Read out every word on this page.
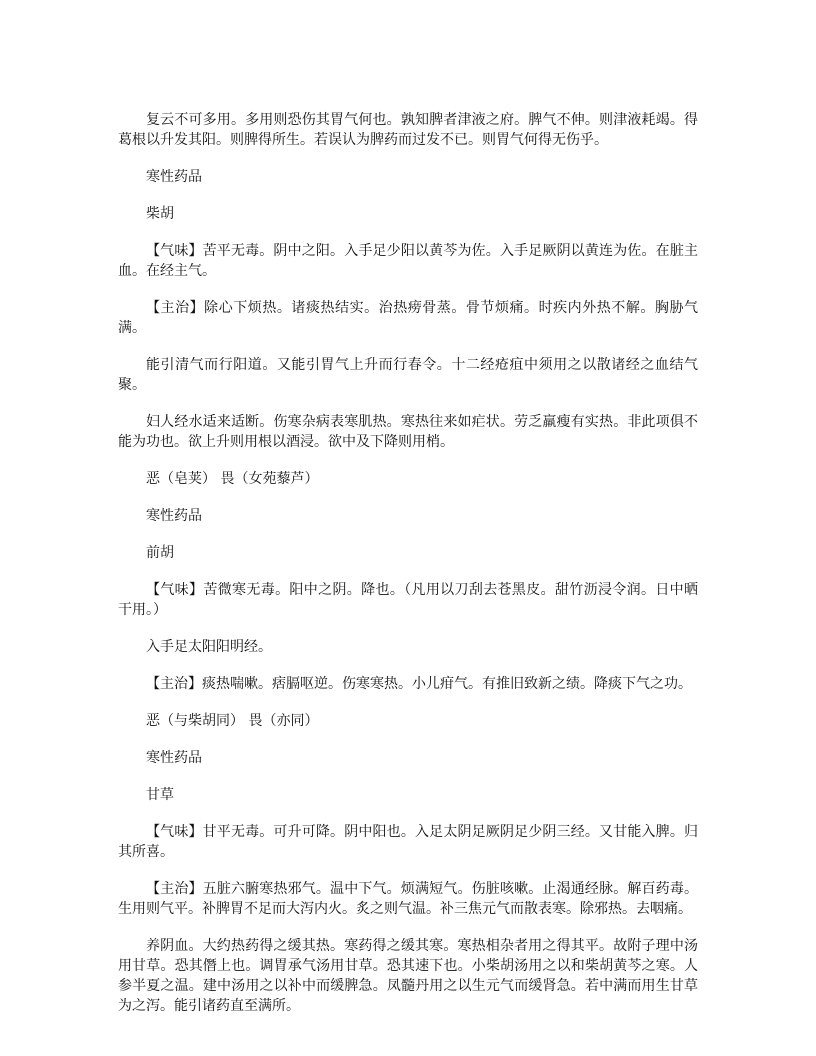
复云不可多用。多用则恐伤其胃气何也。孰知脾者津液之府。脾气不伸。则津液耗竭。得葛根以升发其阳。则脾得所生。若误认为脾药而过发不已。则胃气何得无伤乎。

寒性药品

柴胡

【气味】苦平无毒。阴中之阳。入手足少阳以黄芩为佐。入手足厥阴以黄连为佐。在脏主血。在经主气。

【主治】除心下烦热。诸痰热结实。治热痨骨蒸。骨节烦痛。时疾内外热不解。胸胁气满。

能引清气而行阳道。又能引胃气上升而行春令。十二经疮疽中须用之以散诸经之血结气聚。

妇人经水适来适断。伤寒杂病表寒肌热。寒热往来如疟状。劳乏羸瘦有实热。非此项俱不能为功也。欲上升则用根以酒浸。欲中及下降则用梢。

恶（皂荚） 畏（女苑藜芦）

寒性药品

前胡

【气味】苦微寒无毒。阳中之阴。降也。（凡用以刀刮去苍黑皮。甜竹沥浸令润。日中晒干用。）

入手足太阳阳明经。

【主治】痰热喘嗽。痞膈呕逆。伤寒寒热。小儿疳气。有推旧致新之绩。降痰下气之功。

恶（与柴胡同） 畏（亦同）

寒性药品

甘草

【气味】甘平无毒。可升可降。阴中阳也。入足太阴足厥阴足少阴三经。又甘能入脾。归其所喜。

【主治】五脏六腑寒热邪气。温中下气。烦满短气。伤脏咳嗽。止渴通经脉。解百药毒。生用则气平。补脾胃不足而大泻内火。炙之则气温。补三焦元气而散表寒。除邪热。去咽痛。

养阴血。大约热药得之缓其热。寒药得之缓其寒。寒热相杂者用之得其平。故附子理中汤用甘草。恐其僭上也。调胃承气汤用甘草。恐其速下也。小柴胡汤用之以和柴胡黄芩之寒。人参半夏之温。建中汤用之以补中而缓脾急。凤髓丹用之以生元气而缓肾急。若中满而用生甘草为之泻。能引诸药直至满所。
